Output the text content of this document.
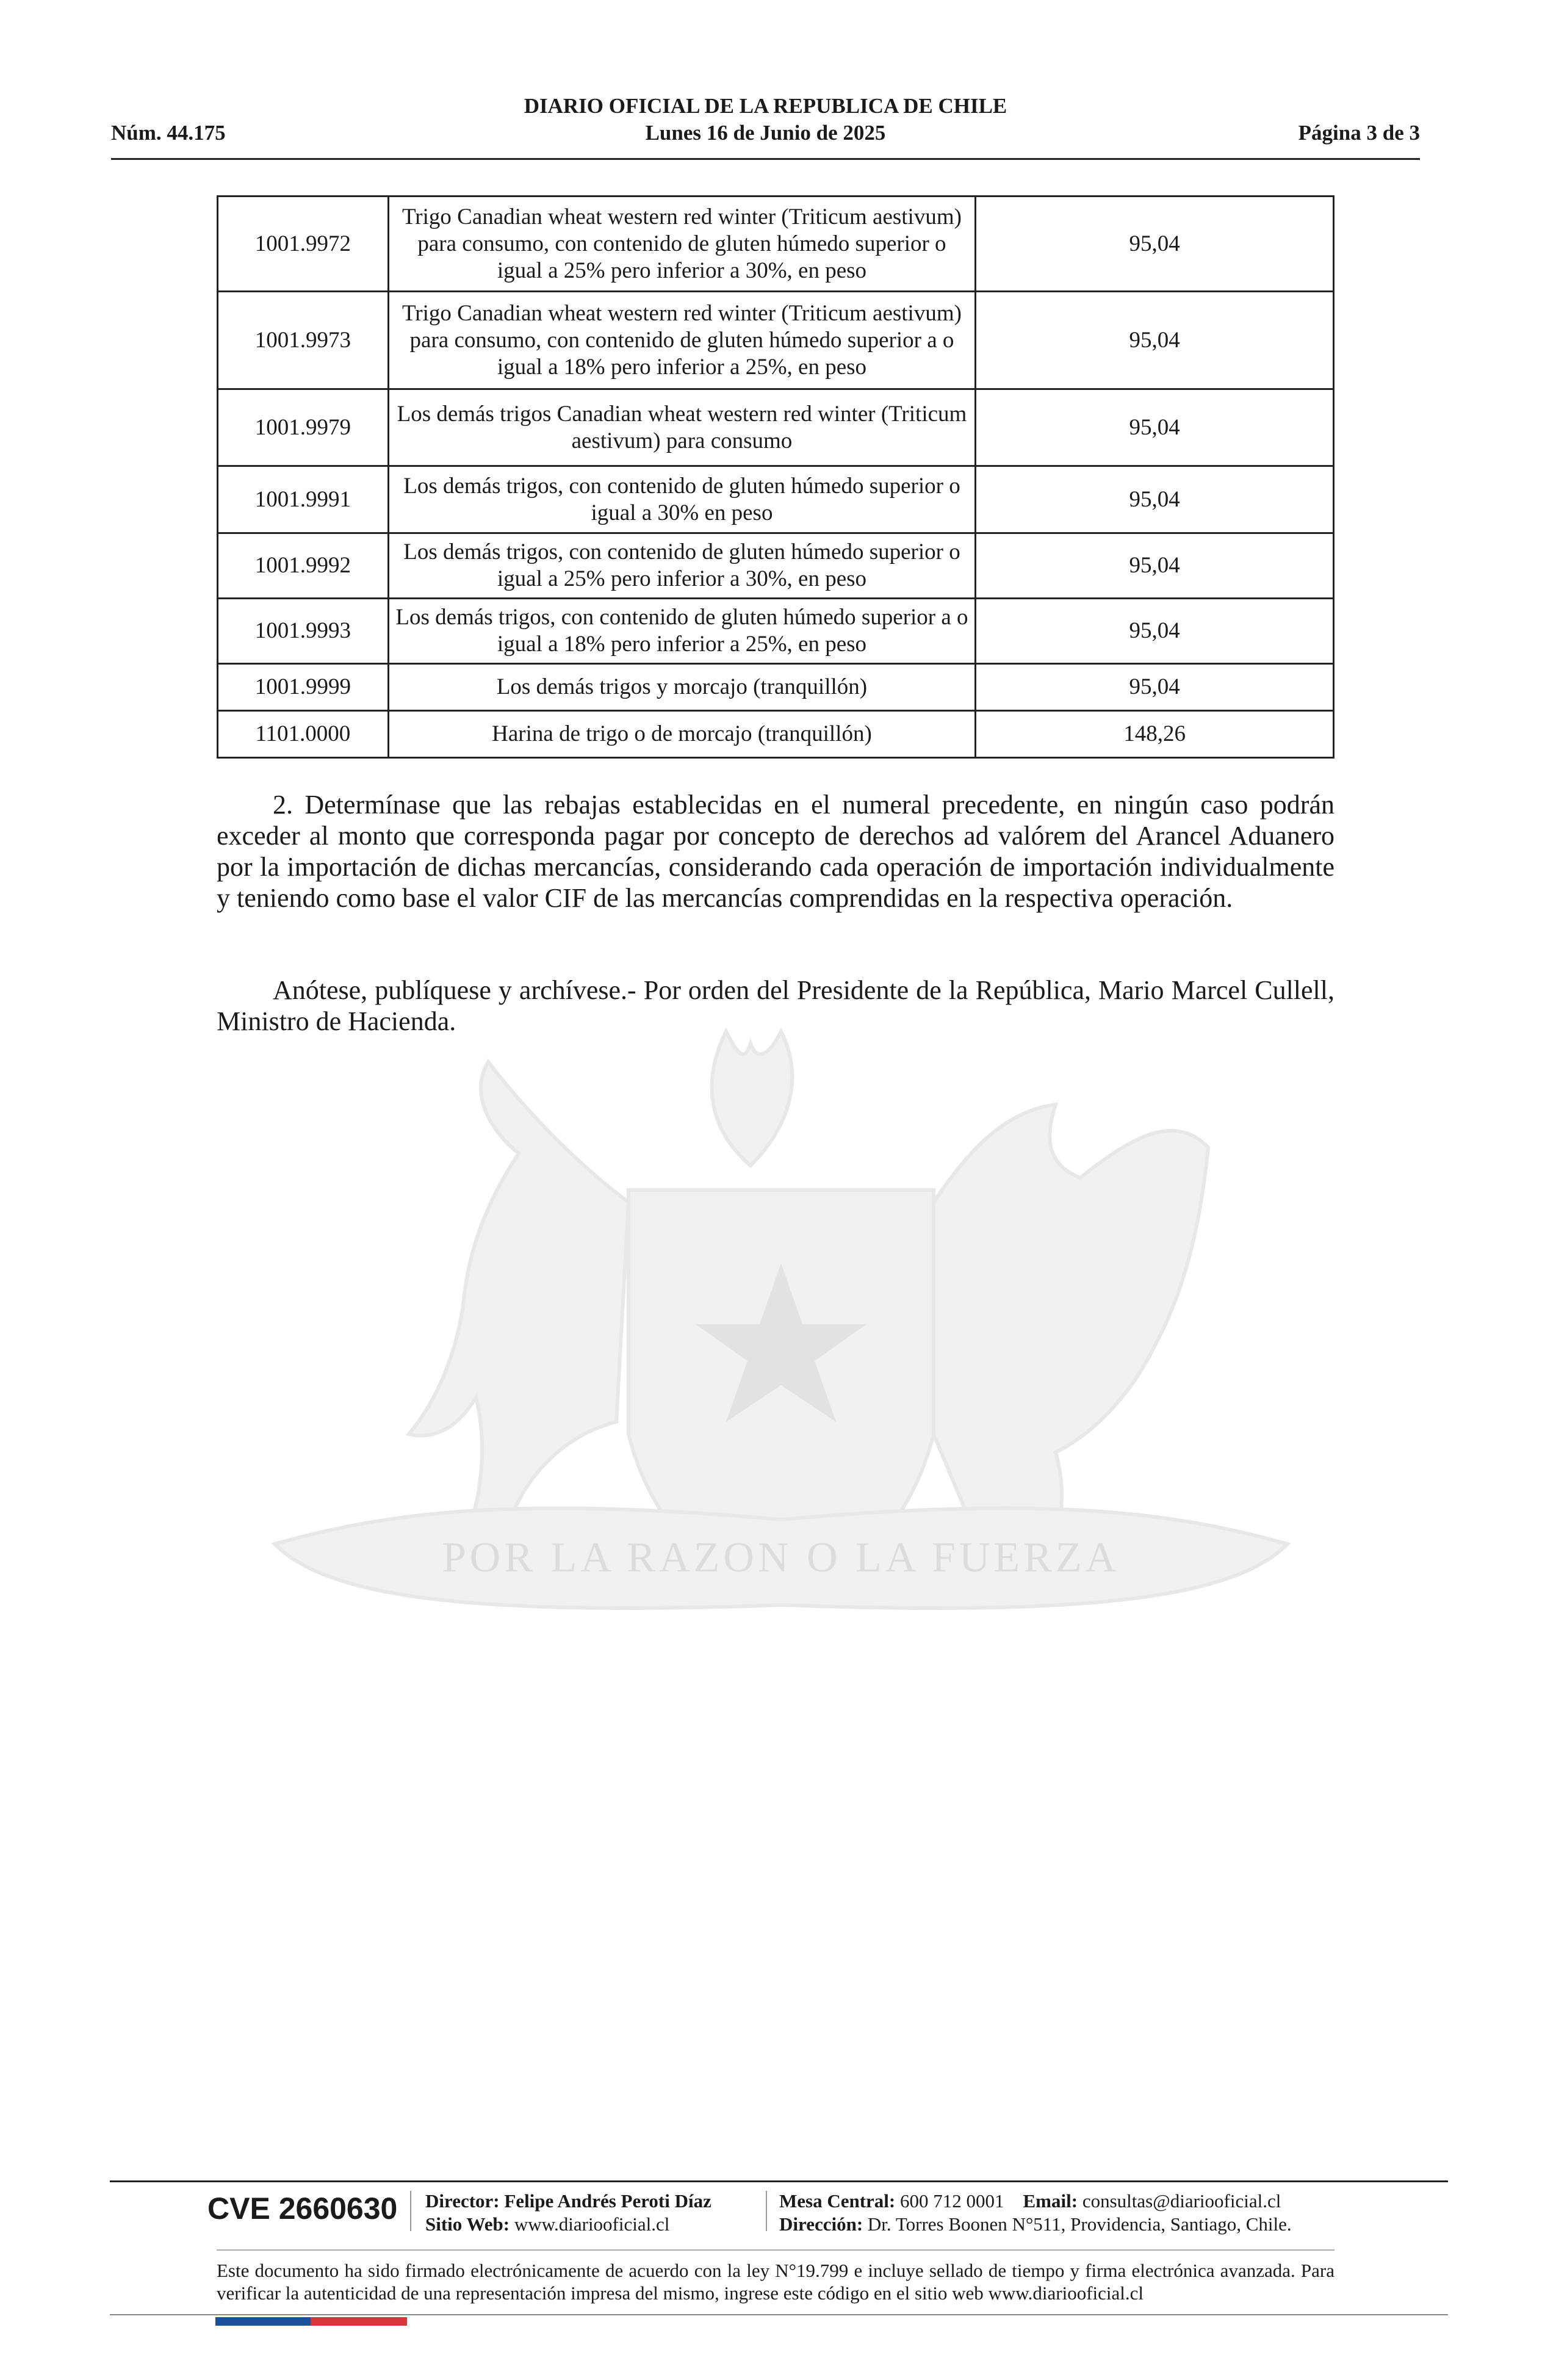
DIARIO OFICIAL DE LA REPUBLICA DE CHILE
Núm. 44.175	Lunes 16 de Junio de 2025	Página 3 de 3
POR LA RAZON O LA FUERZA
1001.9972	Trigo Canadian wheat western red winter (Triticum aestivum) para consumo, con contenido de gluten húmedo superior o igual a 25% pero inferior a 30%, en peso	95,04
1001.9973	Trigo Canadian wheat western red winter (Triticum aestivum) para consumo, con contenido de gluten húmedo superior a o igual a 18% pero inferior a 25%, en peso	95,04
1001.9979	Los demás trigos Canadian wheat western red winter (Triticum aestivum) para consumo	95,04
1001.9991	Los demás trigos, con contenido de gluten húmedo superior o igual a 30% en peso	95,04
1001.9992	Los demás trigos, con contenido de gluten húmedo superior o igual a 25% pero inferior a 30%, en peso	95,04
1001.9993	Los demás trigos, con contenido de gluten húmedo superior a o igual a 18% pero inferior a 25%, en peso	95,04
1001.9999	Los demás trigos y morcajo (tranquillón)	95,04
1101.0000	Harina de trigo o de morcajo (tranquillón)	148,26

2. Determínase que las rebajas establecidas en el numeral precedente, en ningún caso podrán exceder al monto que corresponda pagar por concepto de derechos ad valórem del Arancel Aduanero por la importación de dichas mercancías, considerando cada operación de importación individualmente y teniendo como base el valor CIF de las mercancías comprendidas en la respectiva operación.

Anótese, publíquese y archívese.- Por orden del Presidente de la República, Mario Marcel Cullell, Ministro de Hacienda.

CVE 2660630 Director: Felipe Andrés Peroti Díaz
Sitio Web: www.diariooficial.cl
Mesa Central: 600 712 0001 Email: consultas@diariooficial.cl
Dirección: Dr. Torres Boonen N°511, Providencia, Santiago, Chile.
Este documento ha sido firmado electrónicamente de acuerdo con la ley N°19.799 e incluye sellado de tiempo y firma electrónica avanzada. Para verificar la autenticidad de una representación impresa del mismo, ingrese este código en el sitio web www.diariooficial.cl
